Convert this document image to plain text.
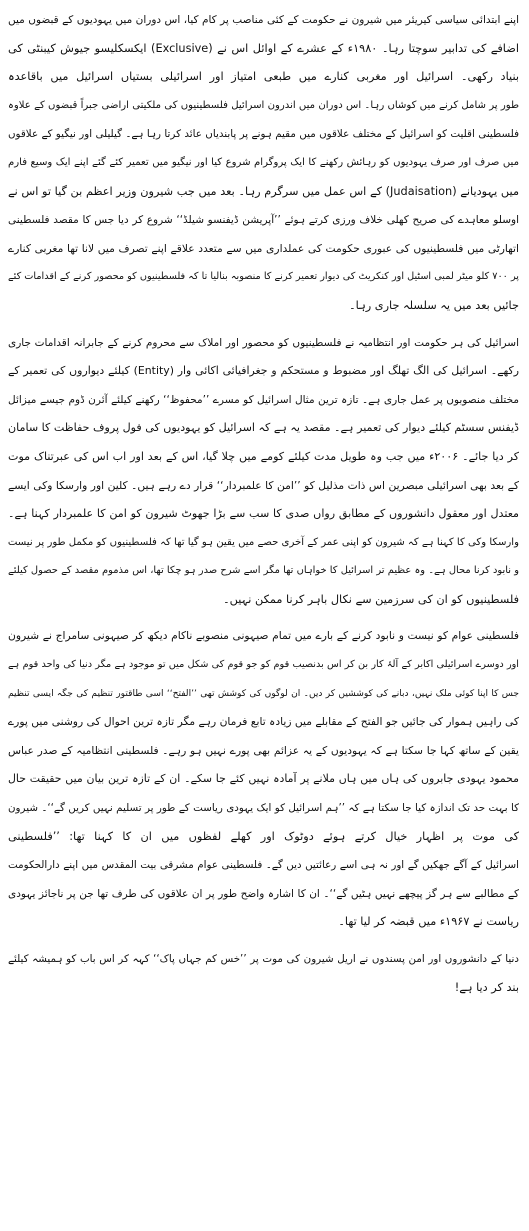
اپنے ابتدائی سیاسی کیریئر میں شیرون نے حکومت کے کئی مناصب پر کام کیا، اس دوران میں یہودیوں کے قبضوں میں
اضافے کی تدابیر سوچتا رہا۔ ۱۹۸۰ء کے عشرے کے اوائل اس نے (Exclusive) ایکسکلیسو جیوش کیبنٹی کی
بنیاد رکھی۔ اسرائیل اور مغربی کنارے میں طبعی امتیاز اور اسرائیلی بستیاں اسرائیل میں باقاعدہ
طور پر شامل کرنے میں کوشاں رہا۔ اس دوران میں اندرون اسرائیل فلسطینیوں کی ملکیتی اراضی جبراً قبضوں کے علاوہ
فلسطینی اقلیت کو اسرائیل کے مختلف علاقوں میں مقیم ہونے پر پابندیاں عائد کرتا رہا ہے۔ گیلیلی اور نیگیو کے علاقوں
میں صرف اور صرف یہودیوں کو رہائش رکھنے کا ایک پروگرام شروع کیا اور نیگیو میں تعمیر کئے گئے اپنے ایک وسیع فارم
میں یہودیانے (Judaisation) کے اس عمل میں سرگرم رہا۔ بعد میں جب شیرون وزیر اعظم بن گیا تو اس نے
اوسلو معاہدے کی صریح کھلی خلاف ورزی کرتے ہوئے ’’آپریشن ڈیفنسو شیلڈ‘‘ شروع کر دیا جس کا مقصد فلسطینی
اتھارٹی میں فلسطینیوں کی عبوری حکومت کی عملداری میں سے متعدد علاقے اپنے تصرف میں لانا تھا مغربی کنارے
پر ۷۰۰ کلو میٹر لمبی اسٹیل اور کنکریٹ کی دیوار تعمیر کرنے کا منصوبہ بنالیا تا کہ فلسطینیوں کو محصور کرنے کے اقدامات کئے
جائیں بعد میں یہ سلسلہ جاری رہا۔
اسرائیل کی ہر حکومت اور انتظامیہ نے فلسطینیوں کو محصور اور املاک سے محروم کرنے کے جابرانہ اقدامات جاری
رکھے۔ اسرائیل کی الگ تھلگ اور مضبوط و مستحکم و جغرافیائی اکائی وار (Entity) کیلئے دیواروں کی تعمیر کے
مختلف منصوبوں پر عمل جاری ہے۔ تازہ ترین مثال اسرائیل کو مسرے ’’محفوظ‘‘ رکھنے کیلئے آئرن ڈوم جیسے میزائل
ڈیفنس سسٹم کیلئے دیوار کی تعمیر ہے۔ مقصد یہ ہے کہ اسرائیل کو یہودیوں کی فول پروف حفاظت کا سامان
کر دیا جائے۔ ۲۰۰۶ء میں جب وہ طویل مدت کیلئے کومے میں چلا گیا، اس کے بعد اور اب اس کی عبرتناک موت
کے بعد بھی اسرائیلی مبصرین اس ذات مذلیل کو ’’امن کا علمبردار‘‘ قرار دے رہے ہیں۔ کلین اور وارسکا وکی ایسے
معتدل اور معقول دانشوروں کے مطابق رواں صدی کا سب سے بڑا جھوٹ شیرون کو امن کا علمبردار کہنا ہے۔
وارسکا وکی کا کہنا ہے کہ شیرون کو اپنی عمر کے آخری حصے میں یقین ہو گیا تھا کہ فلسطینیوں کو مکمل طور پر نیست
و نابود کرنا محال ہے۔ وہ عظیم تر اسرائیل کا خواہاں تھا مگر اسے شرح صدر ہو چکا تھا، اس مذموم مقصد کے حصول کیلئے
فلسطینیوں کو ان کی سرزمین سے نکال باہر کرنا ممکن نہیں۔
فلسطینی عوام کو نیست و نابود کرنے کے بارے میں تمام صیہونی منصوبے ناکام دیکھ کر صیہونی سامراج نے شیرون
اور دوسرے اسرائیلی اکابر کے آلۂ کار بن کر اس بدنصیب قوم کو جو قوم کی شکل میں تو موجود ہے مگر دنیا کی واحد قوم ہے
جس کا اپنا کوئی ملک نہیں، دبانے کی کوششیں کر دیں۔ ان لوگوں کی کوشش تھی ’’الفتح‘‘ اسی طاقتور تنظیم کی جگہ ایسی تنظیم
کی راہیں ہموار کی جائیں جو الفتح کے مقابلے میں زیادہ تابع فرمان رہے مگر تازہ ترین احوال کی روشنی میں پورے
یقین کے ساتھ کہا جا سکتا ہے کہ یہودیوں کے یہ عزائم بھی پورے نہیں ہو رہے۔ فلسطینی انتظامیہ کے صدر عباس
محمود یہودی جابروں کی ہاں میں ہاں ملانے پر آمادہ نہیں کئے جا سکے۔ ان کے تازہ ترین بیان میں حقیقت حال
کا بہت حد تک اندازہ کیا جا سکتا ہے کہ ’’ہم اسرائیل کو ایک یہودی ریاست کے طور پر تسلیم نہیں کریں گے‘‘۔ شیرون
کی موت پر اظہار خیال کرتے ہوئے دوٹوک اور کھلے لفظوں میں ان کا کہنا تھا: ’’فلسطینی
اسرائیل کے آگے جھکیں گے اور نہ ہی اسے رعائتیں دیں گے۔ فلسطینی عوام مشرقی بیت المقدس میں اپنے دارالحکومت
کے مطالبے سے ہر گز پیچھے نہیں ہٹیں گے‘‘۔ ان کا اشارہ واضح طور پر ان علاقوں کی طرف تھا جن پر ناجائز یہودی
ریاست نے ۱۹۶۷ء میں قبضہ کر لیا تھا۔
دنیا کے دانشوروں اور امن پسندوں نے اریل شیرون کی موت پر ’’خس کم جہاں پاک‘‘ کہہ کر اس باب کو ہمیشہ کیلئے
بند کر دیا ہے!
